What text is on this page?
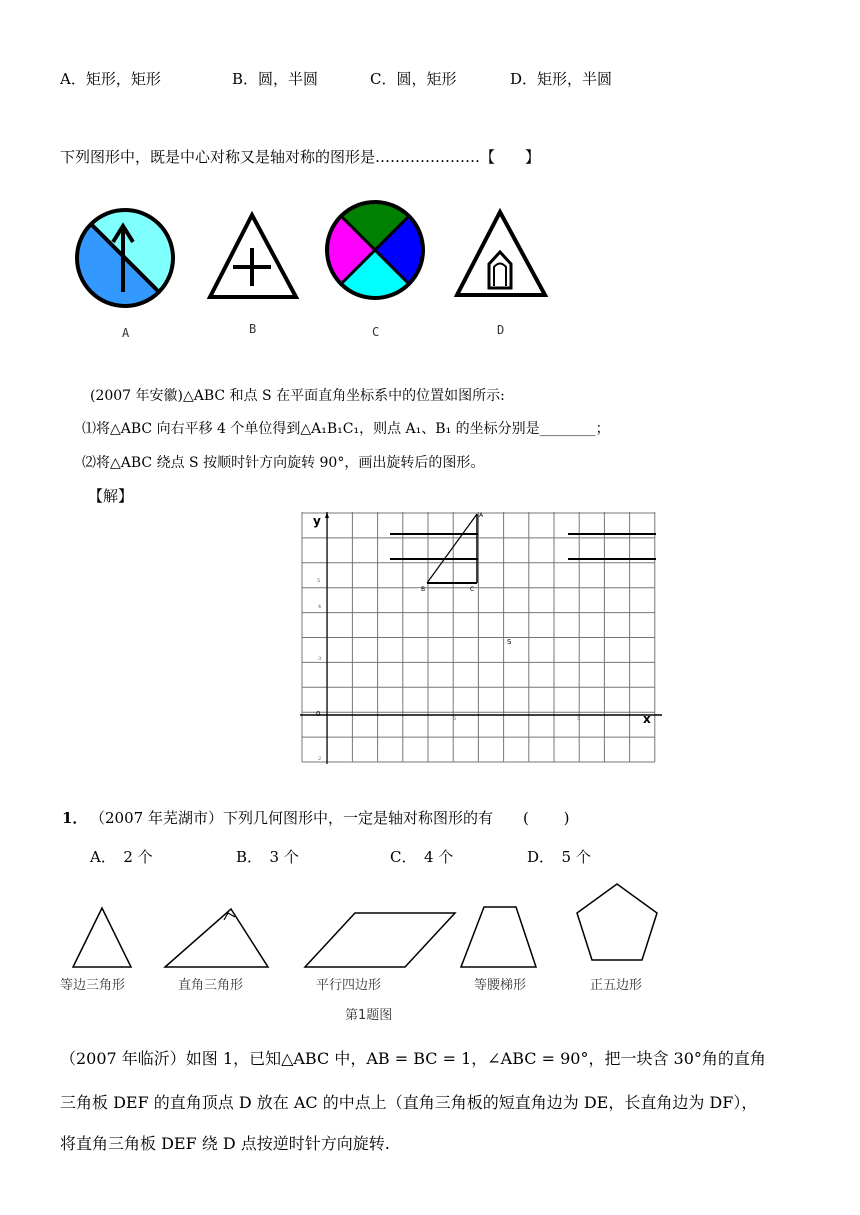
A．矩形，矩形	B．圆，半圆	C．圆，矩形	D．矩形，半圆
下列图形中，既是中心对称又是轴对称的图形是…………………【　　】
A	B	C	D
(2007 年安徽)△ABC 和点 S 在平面直角坐标系中的位置如图所示:
⑴将△ABC 向右平移 4 个单位得到△A₁B₁C₁，则点 A₁、B₁ 的坐标分别是________；
⑵将△ABC 绕点 S 按顺时针方向旋转 90°，画出旋转后的图形。
【解】
y
x
0
A
B	C
S
5
4
3
5	5
2
1． （2007 年芜湖市）下列几何图形中，一定是轴对称图形的有　　(　　 )
A．　2 个	B．　3 个	C．　4 个	D．　5 个
等边三角形	直角三角形	平行四边形	等腰梯形	正五边形
第1题图
（2007 年临沂）如图 1，已知△ABC 中，AB = BC = 1，∠ABC = 90°，把一块含 30°角的直角
三角板 DEF 的直角顶点 D 放在 AC 的中点上（直角三角板的短直角边为 DE，长直角边为 DF），
将直角三角板 DEF 绕 D 点按逆时针方向旋转.
